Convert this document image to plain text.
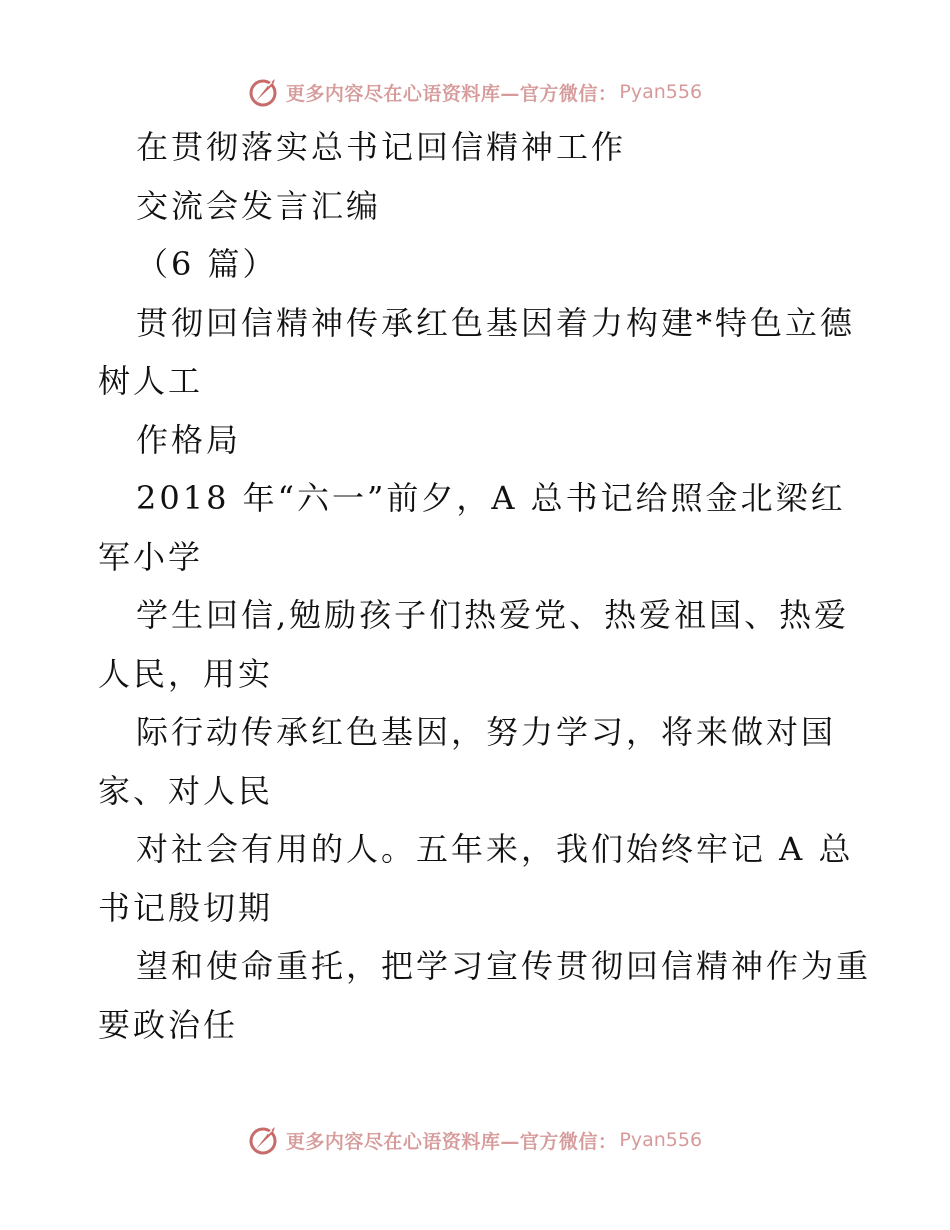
更多内容尽在心语资料库—官方微信： Pyan556
在贯彻落实总书记回信精神工作
交流会发言汇编
（6 篇）
贯彻回信精神传承红色基因着力构建*特色立德
树人工
作格局
2018 年“六一”前夕，A 总书记给照金北梁红
军小学
学生回信,勉励孩子们热爱党、热爱祖国、热爱
人民，用实
际行动传承红色基因，努力学习，将来做对国
家、对人民
对社会有用的人。五年来，我们始终牢记 A 总
书记殷切期
望和使命重托，把学习宣传贯彻回信精神作为重
要政治任
更多内容尽在心语资料库—官方微信： Pyan556
